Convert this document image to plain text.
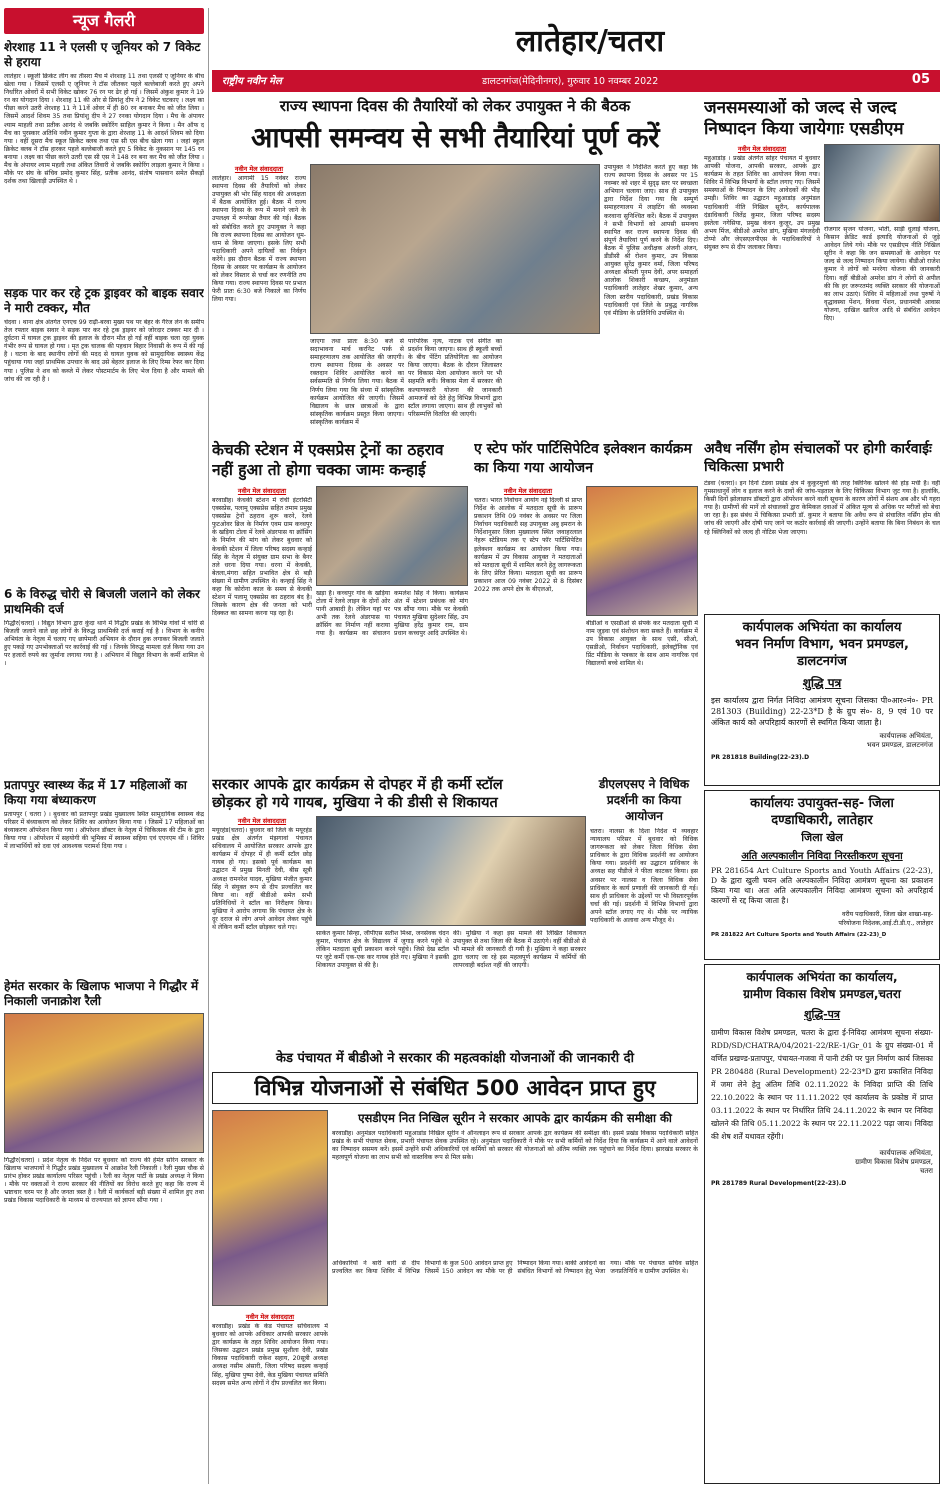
न्यूज गैलरी
शेरशाह 11 ने एलसी ए जूनियर को 7 विकेट से हराया
लातेहार । स्कूली क्रिकेट लीग का तीसरा मैच में शेरशाह 11 तथा एलसी ए जूनियर के बीच खेला गया । जिसमें एलसी ए जूनियर ने टॉस जीतकर पहले बल्लेबाजी करते हुए अपने निर्धारित ओवरों में सभी विकेट खोकर 76 रन पर ढेर हो गई । जिसमें अंकुश कुमार ने 19 रन का योगदान दिया । शेरशाह 11 की ओर से प्रियांशु दीप ने 2 विकेट चटकाए । लक्ष्य का पीछा करने उतरी शेरशाह 11 ने 11वें ओवर में ही 80 रन बनाकर मैच को जीत लिया । जिसमें आदर्श शिवम 35 तथा प्रियांशु दीप ने 27 रनका योगदान दिया । मैच के अंपायर श्याम माहली तथा प्रतीक आनंद थे जबकि स्कोरिंग साहिल कुमार ने किया । मैन ऑफ द मैच का पुरस्कार अतिथि नवीन कुमार गुप्ता के द्वारा शेरशाह 11 के आदर्श शिवम को दिया गया । वहीं दूसरा मैच स्कूल क्रिकेट क्लब तथा एस सी एस बीच खेला गया । जहां स्कूल क्रिकेट क्लब ने टॉस हारकर पहले बल्लेबाजी करते हुए 5 विकेट के नुकसान पर 145 रन बनाया । लक्ष्य का पीछा करने उतरी एस सी एस ने 148 रन बना कर मैच को जीत लिया । मैच के अंपायर श्याम महली तथा अंकित तिवारी थे जबकि स्कोरिंग लाड़ला कुमार ने किया । मौके पर संघ के संचिव प्रमोद कुमार सिंह, प्रतीक आनंद, संतोष पासवान समेत सैकड़ों दर्शक तथा खिलाड़ी उपस्थित थे ।
सड़क पार कर रहे ट्रक ड्राइवर को बाइक सवार ने मारी टक्कर, मौत
चंदवा । थाना क्षेत्र अंतर्गत एनएच 99 राढ़ी-बरवा मुख्य पथ पर बेहर के गैरेज लेन के समीप तेज रफ्तार बाइक सवार ने सड़क पार कर रहे ट्रक ड्राइवर को जोरदार टक्कर मार दी । दुर्घटना में घायल ट्रक ड्राइवर की इलाज के दौरान मौत हो गई वहीं बाइक चला रहा युवक गंभीर रूप से घायल हो गया । मृत ट्रक चालक की पहचान बिहार निवासी के रूप में की गई है । घटना के बाद स्थानीय लोगों की मदद से घायल युवक को सामुदायिक स्वास्थ्य केंद्र पहुंचाया गया जहां प्राथमिक उपचार के बाद उसे बेहतर इलाज के लिए रिम्स रेफर कर दिया गया । पुलिस ने शव को कब्जे में लेकर पोस्टमार्टम के लिए भेज दिया है और मामले की जांच की जा रही है ।
6 के विरुद्ध चोरी से बिजली जलाने को लेकर प्राथमिकी दर्ज
गिद्धौर(चतरा) । विद्युत विभाग द्वारा कुंदा थाने में गिद्धौर प्रखंड के विभिन्न गांवों में चोरी से बिजली जलाने वाले छह लोगों के विरुद्ध प्राथमिकी दर्ज कराई गई है । विभाग के कनीय अभियंता के नेतृत्व में चलाए गए छापेमारी अभियान के दौरान हुक लगाकर बिजली जलाते हुए पकड़े गए उपभोक्ताओं पर कार्रवाई की गई । जिनके विरुद्ध मामला दर्ज किया गया उन पर हजारों रुपये का जुर्माना लगाया गया है । अभियान में विद्युत विभाग के कर्मी शामिल थे ।
प्रतापपुर स्वास्थ्य केंद्र में 17 महिलाओं का किया गया बंध्याकरण
प्रतापपुर ( चतरा ) । बुधवार को प्रतापपुर प्रखंड मुख्यालय स्थित सामुदायिक स्वास्थ्य केंद्र परिसर में बंध्याकरण को लेकर शिविर का आयोजन किया गया । जिसमें 17 महिलाओं का बंध्याकरण ऑपरेशन किया गया । ऑपरेशन डॉक्टर के नेतृत्व में चिकित्सक की टीम के द्वारा किया गया । ऑपरेशन में सहयोगी की भूमिका में स्वास्थ्य सहिया एवं एएनएम थीं । शिविर में लाभार्थियों को दवा एवं आवश्यक परामर्श दिया गया ।
हेमंत सरकार के खिलाफ भाजपा ने गिद्धौर में निकाली जनाक्रोश रैली
गिद्धौर(चतरा) । प्रदेश नेतृत्व के निर्देश पर बुधवार को राज्य की हेमंत सोरेन सरकार के खिलाफ भाजपायों ने गिद्धौर प्रखंड मुख्यालय में आक्रोश रैली निकाली । रैली मुख्य चौक से प्रारंभ होकर प्रखंड कार्यालय परिसर पहुंची । रैली का नेतृत्व पार्टी के प्रखंड अध्यक्ष ने किया । मौके पर वक्ताओं ने राज्य सरकार की नीतियों का विरोध करते हुए कहा कि राज्य में भ्रष्टाचार चरम पर है और जनता त्रस्त है । रैली में कार्यकर्ता बड़ी संख्या में शामिल हुए तथा प्रखंड विकास पदाधिकारी के माध्यम से राज्यपाल को ज्ञापन सौंपा गया ।
लातेहार/चतरा
राष्ट्रीय नवीन मेल	डालटनगंज(मेदिनीनगर), गुरुवार 10 नवम्बर 2022	05
राज्य स्थापना दिवस की तैयारियों को लेकर उपायुक्त ने की बैठक
आपसी समन्वय से सभी तैयारियां पूर्ण करें
नवीन मेल संवाददाता
लातेहार। आगामी 15 नवंबर राज्य स्थापना दिवस की तैयारियों को लेकर उपायुक्त श्री भोर सिंह यादव की अध्यक्षता में बैठक आयोजित हुई। बैठक में राज्य स्थापना दिवस के रूप में मनाने जाने के उपलक्ष्य में रूपरेखा तैयार की गई। बैठक को संबोधित करते हुए उपायुक्त ने कहा कि राज्य स्थापना दिवस का आयोजन धूम-धाम से किया जाएगा। इसके लिए सभी पदाधिकारी अपने दायित्वों का निर्वहन करेंगे। इस दौरान बैठक में राज्य स्थापना दिवस के अवसर पर कार्यक्रम के आयोजन को लेकर विस्तार से चर्चा कर रणनीति तय किया गया। राज्य स्थापना दिवस पर प्रभात फेरी प्रातः 6:30 बजे निकाले का निर्णय लिया गया।
जाएगा तथा प्रातः 8:30 बजे से सदाभावना मार्च करनिट पार्क से समाहरणालय तक आयोजित की जाएगी। राज्य स्थापना दिवस के अवसर पर रक्तदान शिविर आयोजित करने का सर्वसम्मति से निर्णय लिया गया। बैठक में निर्णय लिया गया कि संध्या में सांस्कृतिक कार्यक्रम आयोजित की जाएगी। जिसमें विद्यालय के छात्र छात्राओं के द्वारा सांस्कृतिक कार्यक्रम प्रस्तुत किया जाएगा। सांस्कृतिक कार्यक्रम में
पारंपरिक नृत्य, नाटक एवं संगीत का प्रदर्शन किया जाएगा। साथ ही स्कूली बच्चों के बीच पेंटिंग प्रतियोगिता का आयोजन किया जाएगा। बैठक के दौरान जिलास्तर पर विकास मेला आयोजन करने पर भी सहमति बनी। विकास मेला में सरकार की कल्याणकारी योजना की जानकारी आमजनों को देते हेतु विभिन्न विभागों द्वारा स्टॉल लगाया जाएगा। साथ ही लाभुकों को परिसम्पत्ति वितरित की जाएगी।
उपायुक्त ने निर्देशित करते हुए कहा कि राज्य स्थापना दिवस के अवसर पर 15 नवम्बर को शहर में सुदृढ़ स्तर पर स्वच्छता अभियान चलाया जाए। साथ ही उपायुक्त द्वारा निर्देश दिया गया कि सम्पूर्ण समाहरणालय में लाइटिंग की व्यवस्था करवाना सुनिश्चित करें। बैठक में उपायुक्त ने सभी विभागों को आपसी समन्वय स्थापित कर राज्य स्थापना दिवस की संपूर्ण तैयारियां पूर्ण करने के निर्देश दिए। बैठक में पुलिस अधीक्षक अंजनी अंजन, डीडीसी श्री रोशन कुमार, उप विकास आयुक्त सुरेंद्र कुमार वर्मा, जिला परिषद अध्यक्षा श्रीमती पूनम देवी, अपर समाहर्ता आलोक शिकारी कच्छप, अनुमंडल पदाधिकारी लातेहार शेखर कुमार, अन्य जिला स्तरीय पदाधिकारी, प्रखंड विकास पदाधिकारी एवं जिले के प्रबुद्ध नागरिक एवं मीडिया के प्रतिनिधि उपस्थित थे।
जनसमस्याओं को जल्द से जल्द निष्पादन किया जायेगाः एसडीएम
नवीन मेल संवाददाता
महुआडांड़ । प्रखंड अंतर्गत सोहर पंचायत में बुधवार आपकी योजना, आपकी सरकार, आपके द्वार कार्यक्रम के तहत शिविर का आयोजन किया गया। शिविर में विभिन्न विभागों के स्टॉल लगाए गए। जिसमें समस्याओं के निष्पादन के लिए आवेदकों की भीड़ उमड़ी। शिविर का उद्घाटन महुआडांड़ अनुमंडल पदाधिकारी नीति निखिल सूरीन, कार्यपालक दंडाधिकारी जितेंद्र कुमार, जिला परिषद सदस्य इस्तेला नगेसिया, प्रमुख कंचन कुजूर, उप प्रमुख अभय मिंज, बीडीओ अमरेश डांग, मुखिया मंगलदेवी टोप्पो और जेएसएलपीएस के पदाधिकारियों ने संयुक्त रूप से दीप जलाकर किया।
रोजगार सृजन योजना, भोती, साड़ी धुलाई योजना, किसान क्रेडिट कार्ड इत्यादि योजनाओं से जुड़े आवेदन लिये गये। मौके पर एसडीएम नीति निखिल सूरीन ने कहा कि जन समस्याओं के आवेदन पर जल्द से जल्द निष्पादन किया जायेगा। बीडीओ राजेश कुमार ने लोगों को मनरेगा योजना की जानकारी दिया। वहीं बीडीओ अमरेश डांग ने लोगों से अपील की कि हर जरूरतमंद व्यक्ति सरकार की योजनाओं का लाभ उठाएं। शिविर में महिलाओं तथा पुरुषों ने वृद्धावस्था पेंशन, विधवा पेंशन, प्रधानमंत्री आवास योजना, दाखिल खारिज आदि से संबंधित आवेदन दिए।
केचकी स्टेशन में एक्सप्रेस ट्रेनों का ठहराव नहीं हुआ तो होगा चक्का जामः कन्हाई
नवीन मेल संवाददाता
बरवाडीह। केचकी स्टेशन में रांची इंटरसिटी एक्सप्रेस, पलामू एक्सप्रेस सहित तमाम प्रमुख एक्सप्रेस ट्रेनों ठहराव शुरू करने, रेलवे फुटओवर ब्रिज के निर्माण एवम ग्राम कच्चपुर के खड़िया टोला में रेलवे अंडरपास या क्रॉसिंग के निर्माण की मांग को लेकर बुधवार को केचकी स्टेशन में जिला परिषद सदस्य कन्हाई सिंह के नेतृत्व में संयुक्त ग्राम सभा के बैनर तले धरना दिया गया। धरना में केचकी, बेतला,मंगरा सहित प्रभावित क्षेत्र से बड़ी संख्या में ग्रामीण उपस्थित थे। कन्हाई सिंह ने कहा कि कोरोना काल के समय से केचकी स्टेशन में पलामू एक्सप्रेस का ठहराव बंद है। जिसके कारण क्षेत्र की जनता को भारी दिक्कत का सामना करना पड़ रहा है।
खड़ा है। कच्चपुर गांव के खड़िया टोला में रेलवे लाइन के दोनों ओर पानी आबादी है। लेकिन यहां पर अभी तक रेलवे अंडरपास या क्रॉसिंग का निर्माण नहीं कराया गया है। कार्यक्रम का संचालन कमलेश सिंह ने किया। कार्यक्रम अंत में स्टेशन प्रबंधक को मांग पत्र सौंपा गया। मौके पर केचकी पंचायत मुखिया सुदेश्वर सिंह, उप मुखिया हरेंद्र कुमार राम, ग्राम प्रधान कच्चपुर आदि उपस्थित थे।
ए स्टेप फॉर पार्टिसिपेटिव इलेक्शन कार्यक्रम का किया गया आयोजन
नवीन मेल संवाददाता
चतरा। भारत निर्वाचन आयोग नई दिल्ली से प्राप्त निर्देश के आलोक में मतदाता सूची के प्रारूप प्रकाशन तिथि 09 नवंबर के अवसर पर जिला निर्वाचन पदाधिकारी सह उपायुक्त अबु इमरान के निर्देशानुसार जिला मुख्यालय स्थित जवाहरलाल नेहरू स्टेडियम तक ए स्टेप फॉर पार्टिसिपेटिव इलेक्शन कार्यक्रम का आयोजन किया गया। कार्यक्रम में उप विकास आयुक्त ने मतदाताओं को मतदाता सूची में शामिल करने हेतु जागरूकता के लिए प्रेरित किया। मतदाता सूची का प्रारूप प्रकाशन आज 09 नवंबर 2022 से 8 दिसंबर 2022 तक अपने क्षेत्र के बीएलओ,
बीडीओ व एसडीओ से संपर्क कर मतदाता सूची में नाम जुड़वा एवं संशोधन करा सकते हैं। कार्यक्रम में उप विकास आयुक्त के साथ एसी, सीओ, एसडीओ, निर्वाचन पदाधिकारी, इलेक्ट्रॉनिक एवं प्रिंट मीडिया के पत्रकार के साथ आम नागरिक एवं विद्यालयों बच्चे शामिल थे।
अवैध नर्सिंग होम संचालकों पर होगी कार्रवाईः चिकित्सा प्रभारी
टंडवा (चतरा)। इन दिनों टंडवा प्रखंड क्षेत्र में कुकुरमुत्तों की तरह क्लिनिक खोलने की होड़ मची है। वहीं गुमसाधानुर्वे लोग व इलाज करने के दावों की जांच-पड़ताल के लिए चिकित्सा विभाग जुट गया है। हालांकि, किसी दिनों झोलाछाप डॉक्टरों द्वारा ऑपरेशन करने वाली सूचना के कारण लोगों में संशय अब और भी गहरा गया है। ग्रामीणों की मानें तो संचालकों द्वारा केमिकल दवाओं में अंकित मूल्य से अधिक पर मरीजों को बेचा जा रहा है। इस संबंध में चिकित्सा प्रभारी डॉ. कुमार ने बताया कि अवैध रूप से संचालित नर्सिंग होम की जांच की जाएगी और दोषी पाए जाने पर कठोर कार्रवाई की जाएगी। उन्होंने बताया कि बिना निबंधन के चल रहे क्लिनिकों को जल्द ही नोटिस भेजा जाएगा।
कार्यपालक अभियंता का कार्यालय
भवन निर्माण विभाग, भवन प्रमण्डल,
डालटनगंज
शुद्धि पत्र
इस कार्यालय द्वारा निर्गत निविदा आमंत्रण सूचना जिसका पी०आर०नं०- PR 281303 (Building) 22-23*D है के ग्रुप सं०- 8, 9 एवं 10 पर अंकित कार्य को अपरिहार्य कारणों से स्थगित किया जाता है।
कार्यपालक अभियंता,
भवन प्रमण्डल, डालटनगंज
PR 281818 Building(22-23).D
डीएलएसए ने विधिक प्रदर्शनी का किया आयोजन
चतरा। नालसा के दिशा निर्देश में व्यवहार न्यायालय परिसर में बुधवार को विधिक जागरूकता को लेकर जिला विधिक सेवा प्राधिकार के द्वारा विधिक प्रदर्शनी का आयोजन किया गया। प्रदर्शनी का उद्घाटन प्राधिकार के अध्यक्ष सह पीडीजे ने फीता काटकर किया। इस अवसर पर नालसा व जिला विधिक सेवा प्राधिकार के कार्य प्रणाली की जानकारी दी गई। साथ ही प्राधिकार के उद्देश्यों पर भी विस्तारपूर्वक चर्चा की गई। प्रदर्शनी में विभिन्न विभागों द्वारा अपने स्टॉल लगाए गए थे। मौके पर न्यायिक पदाधिकारी के अलावा अन्य मौजूद थे।
सरकार आपके द्वार कार्यक्रम से दोपहर में ही कर्मी स्टॉल
छोड़कर हो गये गायब, मुखिया ने की डीसी से शिकायत
नवीन मेल संवाददाता
मयूरहंड(चतरा)। बुधवार को जिले के मयूरहंड प्रखंड क्षेत्र अंतर्गत मंझगावां पंचायत सचिवालय में आयोजित सरकार आपके द्वार कार्यक्रम में दोपहर में ही कर्मी स्टॉल छोड़ गायब हो गए। इसको पूर्व कार्यक्रम का उद्घाटन में प्रमुख मिनती देवी, बीस सूत्री अध्यक्ष रामनरेश यादव, मुखिया मंजीत कुमार सिंह ने संयुक्त रूप से दीप प्रज्वलित कर किया था। वहीं बीडीओ समेत सभी प्रतिनिधियों ने स्टॉल का निरीक्षण किया। मुखिया ने आरोप लगाया कि पंचायत क्षेत्र के दूर दराज से लोग अपने आवेदन लेकर पहुंचे थे लेकिन कर्मी स्टॉल छोड़कर चले गए।
साकेत कुमार सिन्हा, जीपीएस सतीश मिश्रा, जनसेवक चंदन कुमार, पंचायत क्षेत्र के विद्यालय में जुगाड़ करने पहुंचे थे लेकिन मतदाता सूची प्रकाशन करने पहुंचे। जिसे देख स्टॉल पर जुटे कर्मी एक-एक कर गायब होते गए। मुखिया ने इसकी शिकायत उपायुक्त से की है।
की। मुखिया ने कहा इस मामले की लिखित शिकायत उपायुक्त से तथा जिला की बैठक में उठाएंगे। वहीं बीडीओ से भी मामले की जानकारी दी गयी है। मुखिया ने कहा सरकार द्वारा चलाए जा रहे इस महत्वपूर्ण कार्यक्रम में कर्मियों की लापरवाही बर्दाश्त नहीं की जाएगी।
कार्यालयः उपायुक्त-सह- जिला
दण्डाधिकारी, लातेहार
जिला खेल
अति अल्पकालीन निविदा निरस्तीकरण सूचना
PR 281654 Art Culture Sports and Youth Affairs (22-23), D के द्वारा खुली चयन अति अल्पकालीन निविदा आमंत्रण सूचना का प्रकाशन किया गया था। अतः अति अल्पकालीन निविदा आमंत्रण सूचना को अपरिहार्य कारणों से रद्द किया जाता है।
वरीय पदाधिकारी, जिला खेल शाखा-सह-
परियोजना निदेशक,आई.टी.डी.ए., लातेहार
PR 281822 Art Culture Sports and Youth Affairs (22-23)_D
केड पंचायत में बीडीओ ने सरकार की महत्वकांक्षी योजनाओं की जानकारी दी
विभिन्न योजनाओं से संबंधित 500 आवेदन प्राप्त हुए
नवीन मेल संवाददाता
बरवाडीह। प्रखंड के केड पंचायत सचिवालय में बुधवार को आपके अधिकार आपकी सरकार आपके द्वार कार्यक्रम के तहत शिविर आयोजन किया गया। जिसका उद्घाटन प्रखंड प्रमुख सुशीला देवी, प्रखंड विकास पदाधिकारी राकेश सहाय, 20सूत्री अध्यक्ष अध्यक्ष नसीम अंसारी, जिला परिषद सदस्य कन्हाई सिंह, मुखिया पुष्पा देवी, केड मुखिया पंचायत समिति सदस्य समेत अन्य लोगों ने दीप प्रज्वलित कर किया।
एसडीएम नित निखिल सूरीन ने सरकार आपके द्वार कार्यक्रम की समीक्षा की
बरवाडीह। अनुमंडल पदाधिकारी महुआडांड निखिल सूरीन ने ऑनलाइन रूप से सरकार आपके द्वार कार्यक्रम की समीक्षा की। इसमें प्रखंड विकास पदाधिकारी सहित प्रखंड के सभी पंचायत सेवक, प्रभारी पंचायत सेवक उपस्थित रहे। अनुमंडल पदाधिकारी ने मौके पर सभी कर्मियों को निर्देश दिया कि कार्यक्रम में आने वाले आवेदनों का निष्पादन ससमय करें। इसमें उन्होंने सभी अधिकारियों एवं कर्मियों को सरकार की योजनाओं को अंतिम व्यक्ति तक पहुंचाने का निर्देश दिया। झारखंड सरकार के महत्वपूर्ण योजना का लाभ सभी को वास्तविक रूप से मिल सके।
अधिकारियों ने बारी बारी से दीप प्रज्वलित कर किया शिविर में विभिन्न विभागों के कुल 500 आवेदन प्राप्त हुए जिसमें 150 आवेदन का मौके पर ही निष्पादन किया गया। बाकी आवेदनों का संबंधित विभागों को निष्पादन हेतु भेजा गया। मौके पर पंचायत सचिव सहित जनप्रतिनिधि व ग्रामीण उपस्थित थे।
कार्यपालक अभियंता का कार्यालय,
ग्रामीण विकास विशेष प्रमण्डल,चतरा
शुद्धि-पत्र
ग्रामीण विकास विशेष प्रमण्डल, चतरा के द्वारा ई-निविदा आमंत्रण सूचना संख्या- RDD/SD/CHATRA/04/2021-22/RE-1/Gr_01 के ग्रुप संख्या-01 में वर्णित प्रखण्ड-प्रतापपुर, पंचायत-गजवा में पानी टंकी पर पुल निर्माण कार्य जिसका PR 280488 (Rural Development) 22-23*D द्वारा प्रकाशित निविदा में जमा लेने हेतु अंतिम तिथि 02.11.2022 के निविदा प्राप्ति की तिथि 22.10.2022 के स्थान पर 11.11.2022 एवं कार्यालय के प्रकोष्ठ में प्राप्त 03.11.2022 के स्थान पर निर्धारित तिथि 24.11.2022 के स्थान पर निविदा खोलने की तिथि 05.11.2022 के स्थान पर 22.11.2022 पढ़ा जाय। निविदा की शेष शर्तें यथावत रहेंगी।
कार्यपालक अभियंता,
ग्रामीण विकास विशेष प्रमण्डल,
चतरा
PR 281789 Rural Development(22-23).D
